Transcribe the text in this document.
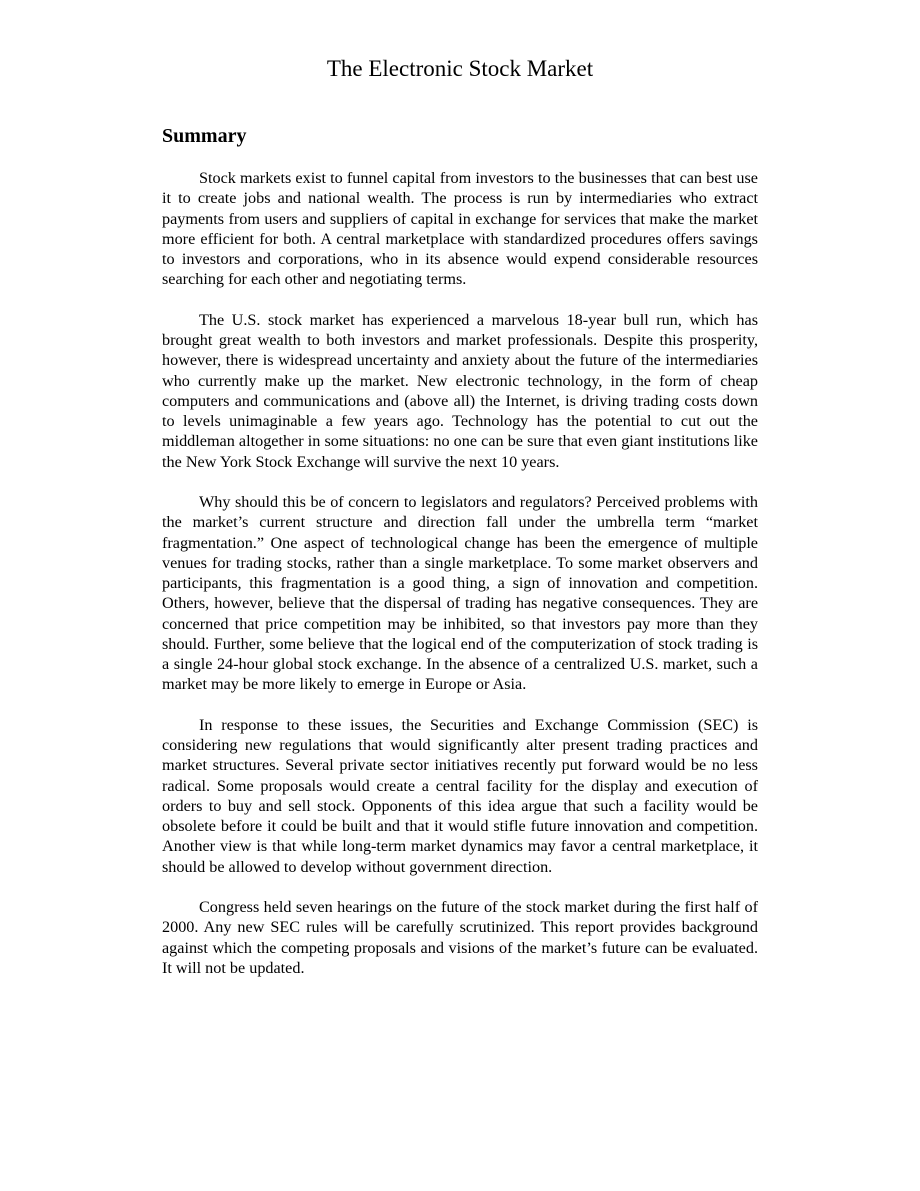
The Electronic Stock Market
Summary

Stock markets exist to funnel capital from investors to the businesses that can best use it to create jobs and national wealth. The process is run by intermediaries who extract payments from users and suppliers of capital in exchange for services that make the market more efficient for both. A central marketplace with standardized procedures offers savings to investors and corporations, who in its absence would expend considerable resources searching for each other and negotiating terms.

The U.S. stock market has experienced a marvelous 18-year bull run, which has brought great wealth to both investors and market professionals. Despite this prosperity, however, there is widespread uncertainty and anxiety about the future of the intermediaries who currently make up the market. New electronic technology, in the form of cheap computers and communications and (above all) the Internet, is driving trading costs down to levels unimaginable a few years ago. Technology has the potential to cut out the middleman altogether in some situations: no one can be sure that even giant institutions like the New York Stock Exchange will survive the next 10 years.

Why should this be of concern to legislators and regulators? Perceived problems with the market’s current structure and direction fall under the umbrella term “market fragmentation.” One aspect of technological change has been the emergence of multiple venues for trading stocks, rather than a single marketplace. To some market observers and participants, this fragmentation is a good thing, a sign of innovation and competition. Others, however, believe that the dispersal of trading has negative consequences. They are concerned that price competition may be inhibited, so that investors pay more than they should. Further, some believe that the logical end of the computerization of stock trading is a single 24-hour global stock exchange. In the absence of a centralized U.S. market, such a market may be more likely to emerge in Europe or Asia.

In response to these issues, the Securities and Exchange Commission (SEC) is considering new regulations that would significantly alter present trading practices and market structures. Several private sector initiatives recently put forward would be no less radical. Some proposals would create a central facility for the display and execution of orders to buy and sell stock. Opponents of this idea argue that such a facility would be obsolete before it could be built and that it would stifle future innovation and competition. Another view is that while long-term market dynamics may favor a central marketplace, it should be allowed to develop without government direction.

Congress held seven hearings on the future of the stock market during the first half of 2000. Any new SEC rules will be carefully scrutinized. This report provides background against which the competing proposals and visions of the market’s future can be evaluated. It will not be updated.
